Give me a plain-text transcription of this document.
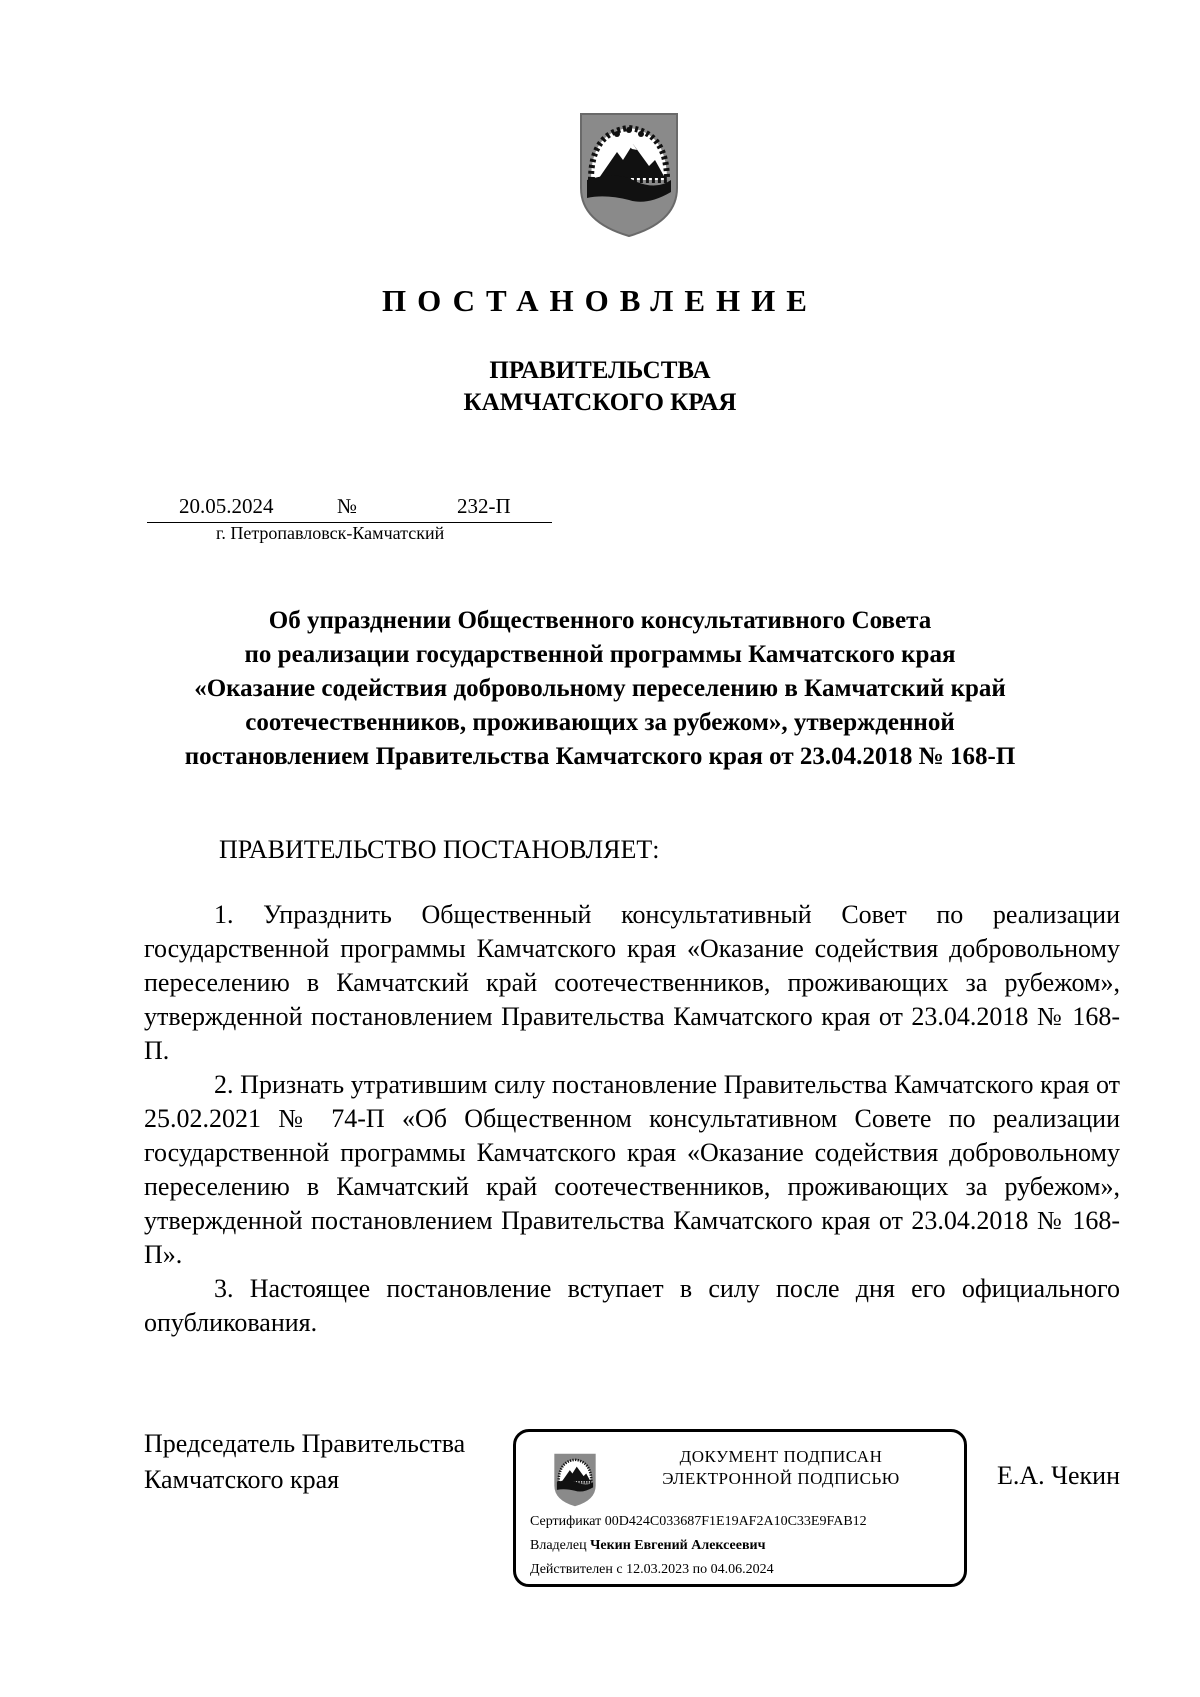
ПОСТАНОВЛЕНИЕ
ПРАВИТЕЛЬСТВА
КАМЧАТСКОГО КРАЯ
20.05.2024	№	232-П
г. Петропавловск-Камчатский
Об упразднении Общественного консультативного Совета
по реализации государственной программы Камчатского края
«Оказание содействия добровольному переселению в Камчатский край
соотечественников, проживающих за рубежом», утвержденной
постановлением Правительства Камчатского края от 23.04.2018 № 168-П
ПРАВИТЕЛЬСТВО ПОСТАНОВЛЯЕТ:

1. Упразднить Общественный консультативный Совет по реализации государственной программы Камчатского края «Оказание содействия добровольному переселению в Камчатский край соотечественников, проживающих за рубежом», утвержденной постановлением Правительства Камчатского края от 23.04.2018 № 168-П.

2. Признать утратившим силу постановление Правительства Камчатского края от 25.02.2021 № 74-П «Об Общественном консультативном Совете по реализации государственной программы Камчатского края «Оказание содействия добровольному переселению в Камчатский край соотечественников, проживающих за рубежом», утвержденной постановлением Правительства Камчатского края от 23.04.2018 № 168-П».

3. Настоящее постановление вступает в силу после дня его официального опубликования.

Председатель Правительства
Камчатского края
ДОКУМЕНТ ПОДПИСАН
ЭЛЕКТРОННОЙ ПОДПИСЬЮ
Сертификат 00D424C033687F1E19AF2A10C33E9FAB12
Владелец Чекин Евгений Алексеевич
Действителен с 12.03.2023 по 04.06.2024
Е.А. Чекин
